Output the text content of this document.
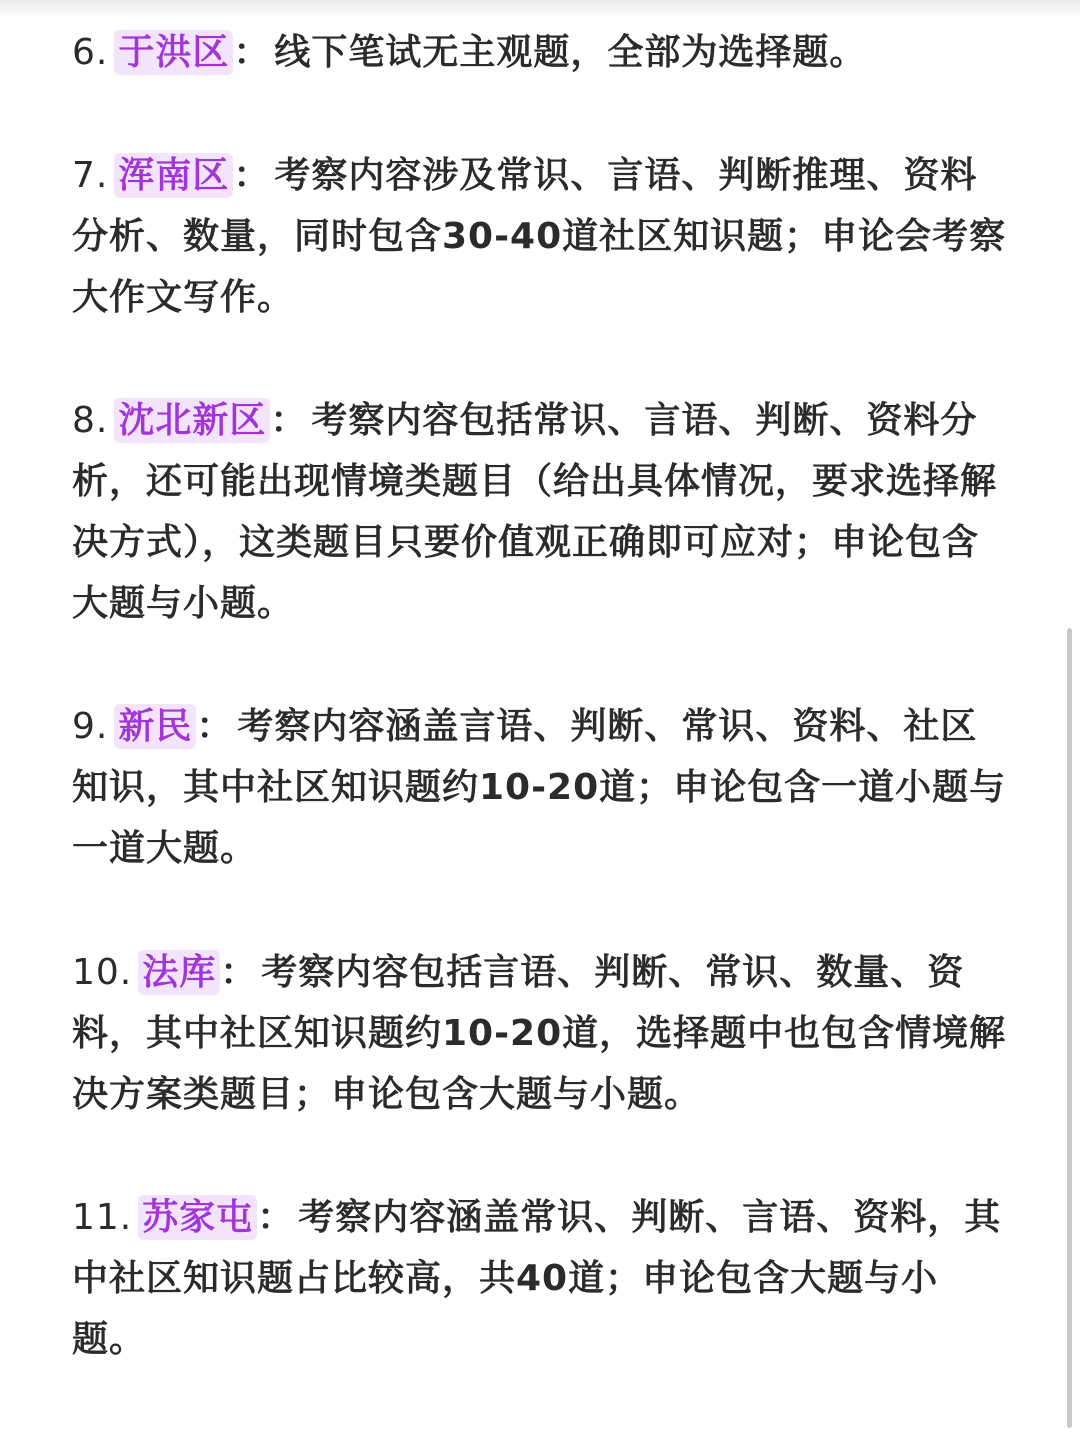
6. 于洪区 ： 线下笔试无主观题，全部为选择题。

7. 浑南区 ： 考察内容涉及常识、言语、判断推理、资料分析、数量，同时包含30-40道社区知识题；申论会考察大作文写作。

8. 沈北新区 ： 考察内容包括常识、言语、判断、资料分析，还可能出现情境类题目（给出具体情况，要求选择解决方式），这类题目只要价值观正确即可应对；申论包含大题与小题。

9. 新民 ： 考察内容涵盖言语、判断、常识、资料、社区知识，其中社区知识题约10-20道；申论包含一道小题与一道大题。

10. 法库 ： 考察内容包括言语、判断、常识、数量、资料，其中社区知识题约10-20道，选择题中也包含情境解决方案类题目；申论包含大题与小题。

11. 苏家屯 ： 考察内容涵盖常识、判断、言语、资料，其中社区知识题占比较高，共40道；申论包含大题与小题。
